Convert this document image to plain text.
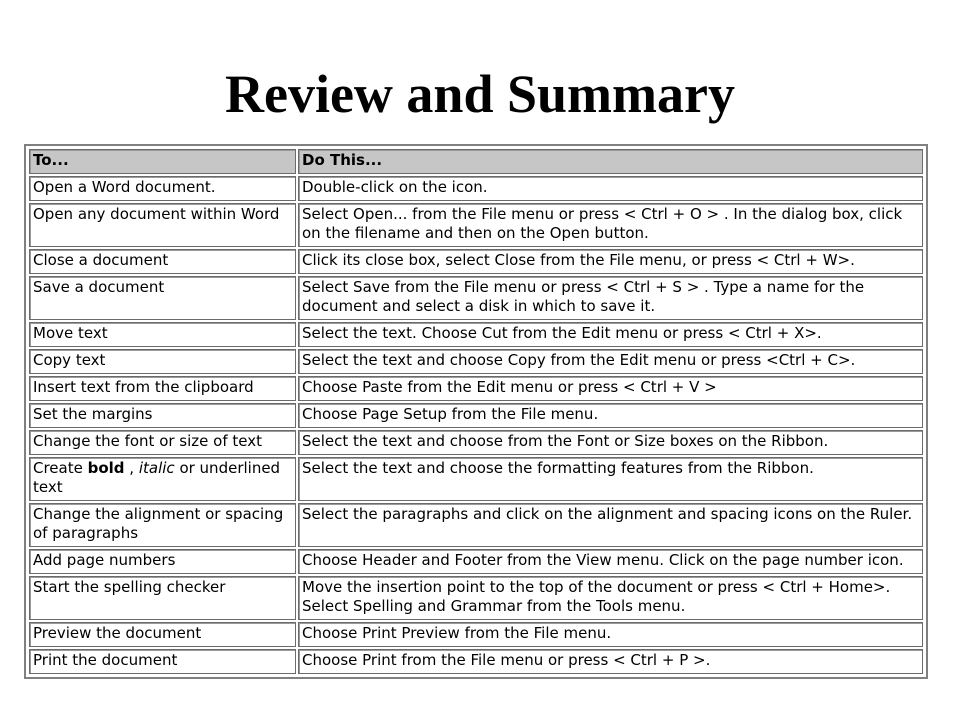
Review and Summary
To...	Do This...
Open a Word document.	Double-click on the icon.
Open any document within Word	Select Open... from the File menu or press < Ctrl + O > . In the dialog box, click on the filename and then on the Open button.
Close a document	Click its close box, select Close from the File menu, or press < Ctrl + W>.
Save a document	Select Save from the File menu or press < Ctrl + S > . Type a name for the document and select a disk in which to save it.
Move text	Select the text. Choose Cut from the Edit menu or press < Ctrl + X>.
Copy text	Select the text and choose Copy from the Edit menu or press <Ctrl + C>.
Insert text from the clipboard	Choose Paste from the Edit menu or press < Ctrl + V >
Set the margins	Choose Page Setup from the File menu.
Change the font or size of text	Select the text and choose from the Font or Size boxes on the Ribbon.
Create bold , italic or underlined text	Select the text and choose the formatting features from the Ribbon.
Change the alignment or spacing of paragraphs	Select the paragraphs and click on the alignment and spacing icons on the Ruler.
Add page numbers	Choose Header and Footer from the View menu. Click on the page number icon.
Start the spelling checker	Move the insertion point to the top of the document or press < Ctrl + Home>. Select Spelling and Grammar from the Tools menu.
Preview the document	Choose Print Preview from the File menu.
Print the document	Choose Print from the File menu or press < Ctrl + P >.
